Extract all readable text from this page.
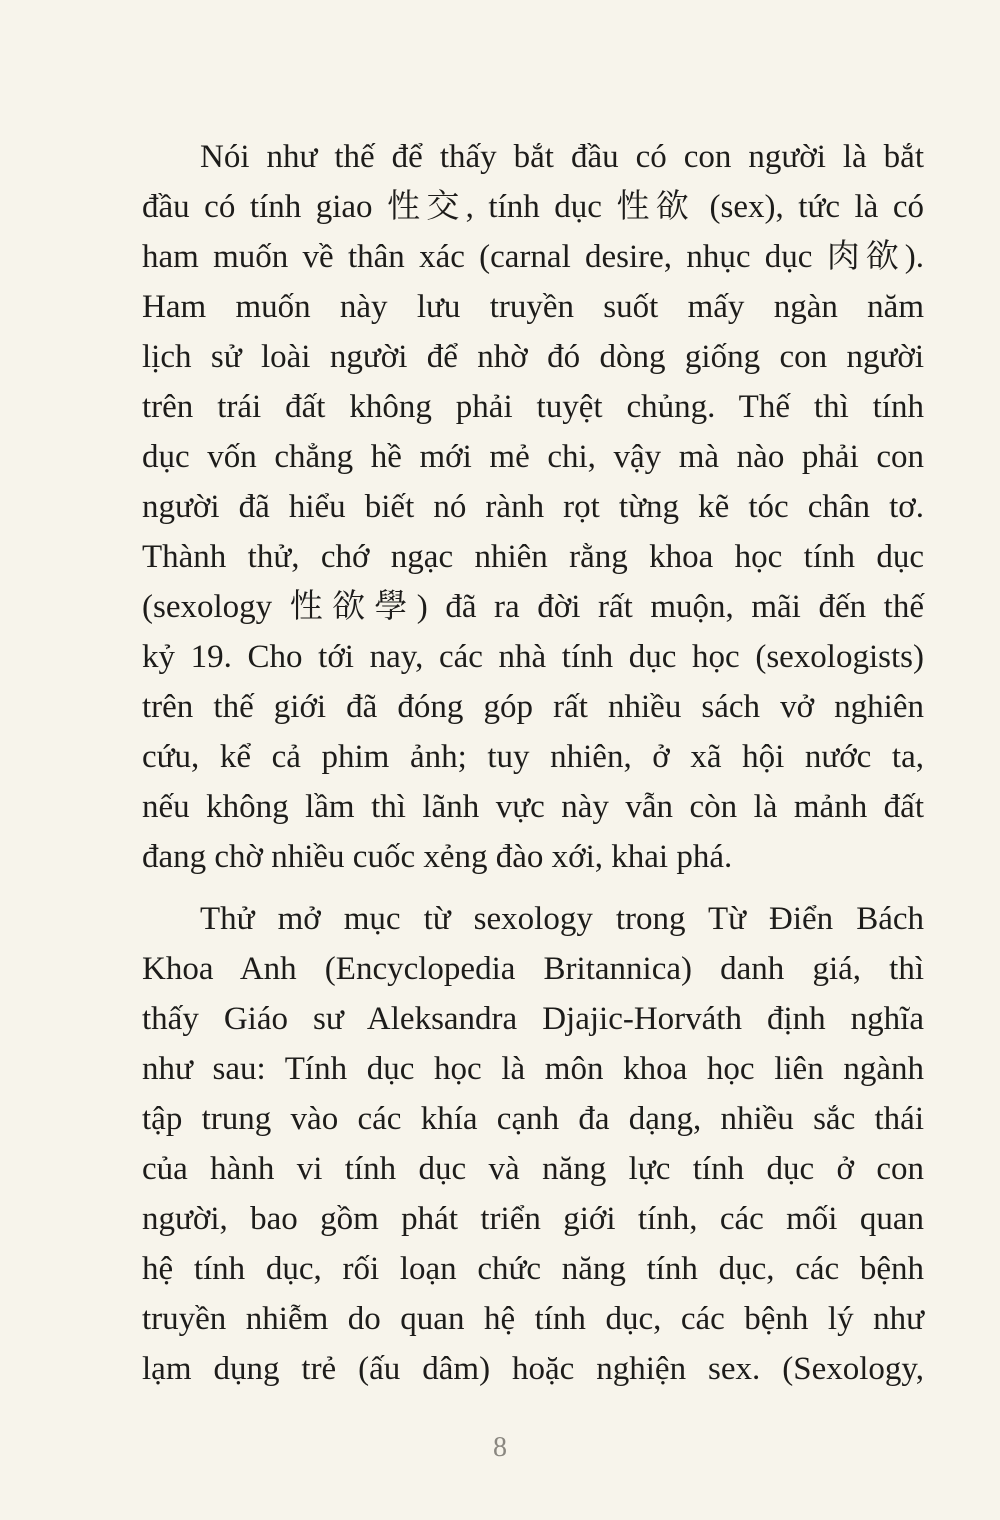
Nói như thế để thấy bắt đầu có con người là bắt
đầu có tính giao 性交, tính dục 性欲 (sex), tức là có
ham muốn về thân xác (carnal desire, nhục dục 肉欲).
Ham muốn này lưu truyền suốt mấy ngàn năm
lịch sử loài người để nhờ đó dòng giống con người
trên trái đất không phải tuyệt chủng. Thế thì tính
dục vốn chẳng hề mới mẻ chi, vậy mà nào phải con
người đã hiểu biết nó rành rọt từng kẽ tóc chân tơ.
Thành thử, chớ ngạc nhiên rằng khoa học tính dục
(sexology 性欲學) đã ra đời rất muộn, mãi đến thế
kỷ 19. Cho tới nay, các nhà tính dục học (sexologists)
trên thế giới đã đóng góp rất nhiều sách vở nghiên
cứu, kể cả phim ảnh; tuy nhiên, ở xã hội nước ta,
nếu không lầm thì lãnh vực này vẫn còn là mảnh đất
đang chờ nhiều cuốc xẻng đào xới, khai phá.
Thử mở mục từ sexology trong Từ Điển Bách
Khoa Anh (Encyclopedia Britannica) danh giá, thì
thấy Giáo sư Aleksandra Djajic-Horváth định nghĩa
như sau: Tính dục học là môn khoa học liên ngành
tập trung vào các khía cạnh đa dạng, nhiều sắc thái
của hành vi tính dục và năng lực tính dục ở con
người, bao gồm phát triển giới tính, các mối quan
hệ tính dục, rối loạn chức năng tính dục, các bệnh
truyền nhiễm do quan hệ tính dục, các bệnh lý như
lạm dụng trẻ (ấu dâm) hoặc nghiện sex. (Sexology,
8
